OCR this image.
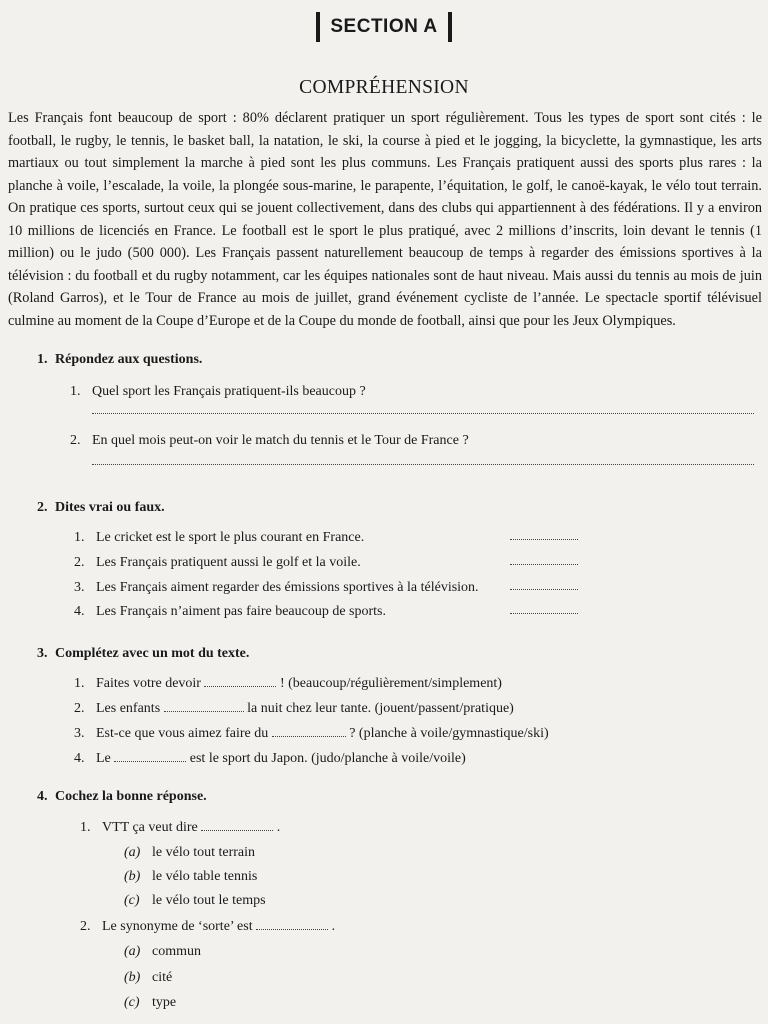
SECTION A
COMPRÉHENSION
Les Français font beaucoup de sport : 80% déclarent pratiquer un sport régulièrement. Tous les types de sport sont cités : le football, le rugby, le tennis, le basket ball, la natation, le ski, la course à pied et le jogging, la bicyclette, la gymnastique, les arts martiaux ou tout simplement la marche à pied sont les plus communs. Les Français pratiquent aussi des sports plus rares : la planche à voile, l’escalade, la voile, la plongée sous-marine, le parapente, l’équitation, le golf, le canoë-kayak, le vélo tout terrain. On pratique ces sports, surtout ceux qui se jouent collectivement, dans des clubs qui appartiennent à des fédérations. Il y a environ 10 millions de licenciés en France. Le football est le sport le plus pratiqué, avec 2 millions d’inscrits, loin devant le tennis (1 million) ou le judo (500 000). Les Français passent naturellement beaucoup de temps à regarder des émissions sportives à la télévision : du football et du rugby notamment, car les équipes nationales sont de haut niveau. Mais aussi du tennis au mois de juin (Roland Garros), et le Tour de France au mois de juillet, grand événement cycliste de l’année. Le spectacle sportif télévisuel culmine au moment de la Coupe d’Europe et de la Coupe du monde de football, ainsi que pour les Jeux Olympiques.
1. Répondez aux questions.
1. Quel sport les Français pratiquent-ils beaucoup ?
2. En quel mois peut-on voir le match du tennis et le Tour de France ?
2. Dites vrai ou faux.
1. Le cricket est le sport le plus courant en France.
2. Les Français pratiquent aussi le golf et la voile.
3. Les Français aiment regarder des émissions sportives à la télévision.
4. Les Français n’aiment pas faire beaucoup de sports.
3. Complétez avec un mot du texte.
1. Faites votre devoir	! (beaucoup/régulièrement/simplement)
2. Les enfants	la nuit chez leur tante. (jouent/passent/pratique)
3. Est-ce que vous aimez faire du	? (planche à voile/gymnastique/ski)
4. Le	est le sport du Japon. (judo/planche à voile/voile)
4. Cochez la bonne réponse.
1. VTT ça veut dire	.
(a) le vélo tout terrain
(b) le vélo table tennis
(c) le vélo tout le temps
2. Le synonyme de ‘sorte’ est	.
(a) commun
(b) cité
(c) type
